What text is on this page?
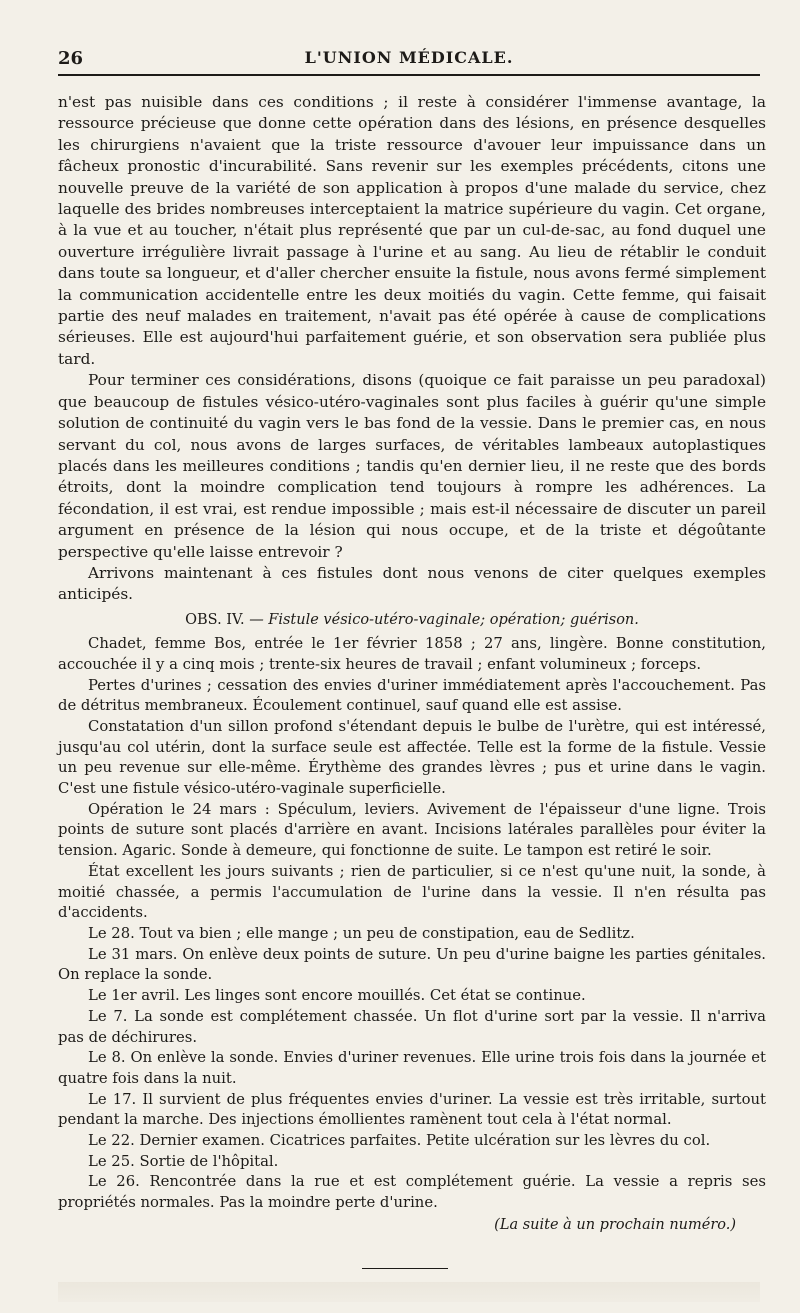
26	L'UNION MÉDICALE.

n'est pas nuisible dans ces conditions ; il reste à considérer l'immense avantage, la ressource précieuse que donne cette opération dans des lésions, en présence desquelles les chirurgiens n'avaient que la triste ressource d'avouer leur impuissance dans un fâcheux pronostic d'incurabilité. Sans revenir sur les exemples précédents, citons une nouvelle preuve de la variété de son application à propos d'une malade du service, chez laquelle des brides nombreuses interceptaient la matrice supérieure du vagin. Cet organe, à la vue et au toucher, n'était plus représenté que par un cul-de-sac, au fond duquel une ouverture irrégulière livrait passage à l'urine et au sang. Au lieu de rétablir le conduit dans toute sa longueur, et d'aller chercher ensuite la fistule, nous avons fermé simplement la communication accidentelle entre les deux moitiés du vagin. Cette femme, qui faisait partie des neuf malades en traitement, n'avait pas été opérée à cause de complications sérieuses. Elle est aujourd'hui parfaitement guérie, et son observation sera publiée plus tard.

Pour terminer ces considérations, disons (quoique ce fait paraisse un peu paradoxal) que beaucoup de fistules vésico-utéro-vaginales sont plus faciles à guérir qu'une simple solution de continuité du vagin vers le bas fond de la vessie. Dans le premier cas, en nous servant du col, nous avons de larges surfaces, de véritables lambeaux autoplastiques placés dans les meilleures conditions ; tandis qu'en dernier lieu, il ne reste que des bords étroits, dont la moindre complication tend toujours à rompre les adhérences. La fécondation, il est vrai, est rendue impossible ; mais est-il nécessaire de discuter un pareil argument en présence de la lésion qui nous occupe, et de la triste et dégoûtante perspective qu'elle laisse entrevoir ?

Arrivons maintenant à ces fistules dont nous venons de citer quelques exemples anticipés.

OBS. IV. — Fistule vésico-utéro-vaginale; opération; guérison.

Chadet, femme Bos, entrée le 1er février 1858 ; 27 ans, lingère. Bonne constitution, accouchée il y a cinq mois ; trente-six heures de travail ; enfant volumineux ; forceps.

Pertes d'urines ; cessation des envies d'uriner immédiatement après l'accouchement. Pas de détritus membraneux. Écoulement continuel, sauf quand elle est assise.

Constatation d'un sillon profond s'étendant depuis le bulbe de l'urètre, qui est intéressé, jusqu'au col utérin, dont la surface seule est affectée. Telle est la forme de la fistule. Vessie un peu revenue sur elle-même. Érythème des grandes lèvres ; pus et urine dans le vagin. C'est une fistule vésico-utéro-vaginale superficielle.

Opération le 24 mars : Spéculum, leviers. Avivement de l'épaisseur d'une ligne. Trois points de suture sont placés d'arrière en avant. Incisions latérales parallèles pour éviter la tension. Agaric. Sonde à demeure, qui fonctionne de suite. Le tampon est retiré le soir.

État excellent les jours suivants ; rien de particulier, si ce n'est qu'une nuit, la sonde, à moitié chassée, a permis l'accumulation de l'urine dans la vessie. Il n'en résulta pas d'accidents.

Le 28. Tout va bien ; elle mange ; un peu de constipation, eau de Sedlitz.

Le 31 mars. On enlève deux points de suture. Un peu d'urine baigne les parties génitales. On replace la sonde.

Le 1er avril. Les linges sont encore mouillés. Cet état se continue.

Le 7. La sonde est complétement chassée. Un flot d'urine sort par la vessie. Il n'arriva pas de déchirures.

Le 8. On enlève la sonde. Envies d'uriner revenues. Elle urine trois fois dans la journée et quatre fois dans la nuit.

Le 17. Il survient de plus fréquentes envies d'uriner. La vessie est très irritable, surtout pendant la marche. Des injections émollientes ramènent tout cela à l'état normal.

Le 22. Dernier examen. Cicatrices parfaites. Petite ulcération sur les lèvres du col.

Le 25. Sortie de l'hôpital.

Le 26. Rencontrée dans la rue et est complétement guérie. La vessie a repris ses propriétés normales. Pas la moindre perte d'urine.

(La suite à un prochain numéro.)
